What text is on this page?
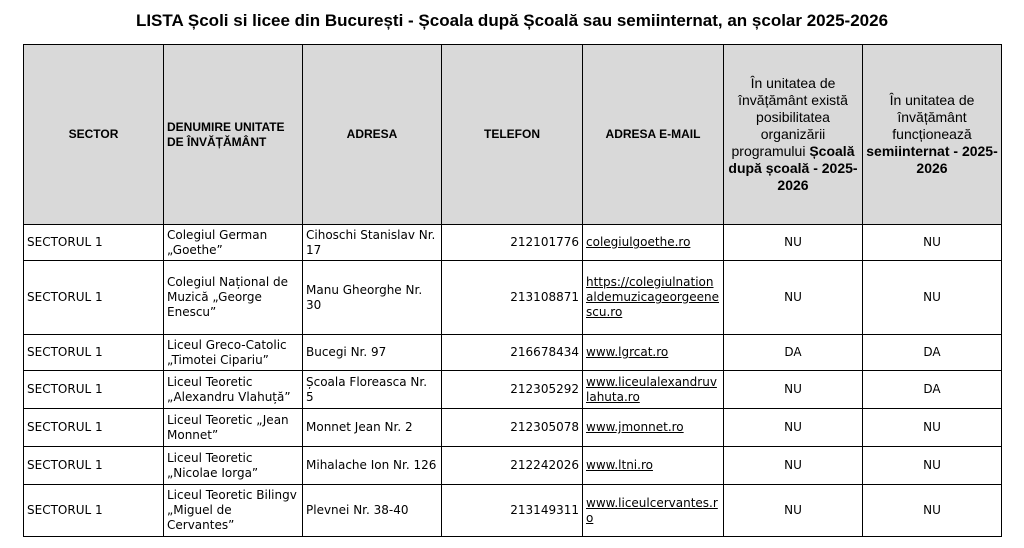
LISTA Școli si licee din București - Școala după Școală sau semiinternat, an școlar 2025-2026
SECTOR	DENUMIRE UNITATE DE ÎNVĂȚĂMÂNT	ADRESA	TELEFON	ADRESA E-MAIL	În unitatea de învățământ există posibilitatea organizării programului Școală după școală - 2025-2026	În unitatea de învățământ funcționează semiinternat - 2025-2026
SECTORUL 1	Colegiul German „Goethe”	Cihoschi Stanislav Nr. 17	212101776	colegiulgoethe.ro	NU	NU
SECTORUL 1	Colegiul Național de Muzică „George Enescu”	Manu Gheorghe Nr. 30	213108871	https://colegiulnationaldemuzicageorgeenescu.ro	NU	NU
SECTORUL 1	Liceul Greco-Catolic „Timotei Cipariu”	Bucegi Nr. 97	216678434	www.lgrcat.ro	DA	DA
SECTORUL 1	Liceul Teoretic „Alexandru Vlahuță”	Școala Floreasca Nr. 5	212305292	www.liceulalexandruvlahuta.ro	NU	DA
SECTORUL 1	Liceul Teoretic „Jean Monnet”	Monnet Jean Nr. 2	212305078	www.jmonnet.ro	NU	NU
SECTORUL 1	Liceul Teoretic „Nicolae Iorga”	Mihalache Ion Nr. 126	212242026	www.ltni.ro	NU	NU
SECTORUL 1	Liceul Teoretic Bilingv „Miguel de Cervantes”	Plevnei Nr. 38-40	213149311	www.liceulcervantes.ro	NU	NU
